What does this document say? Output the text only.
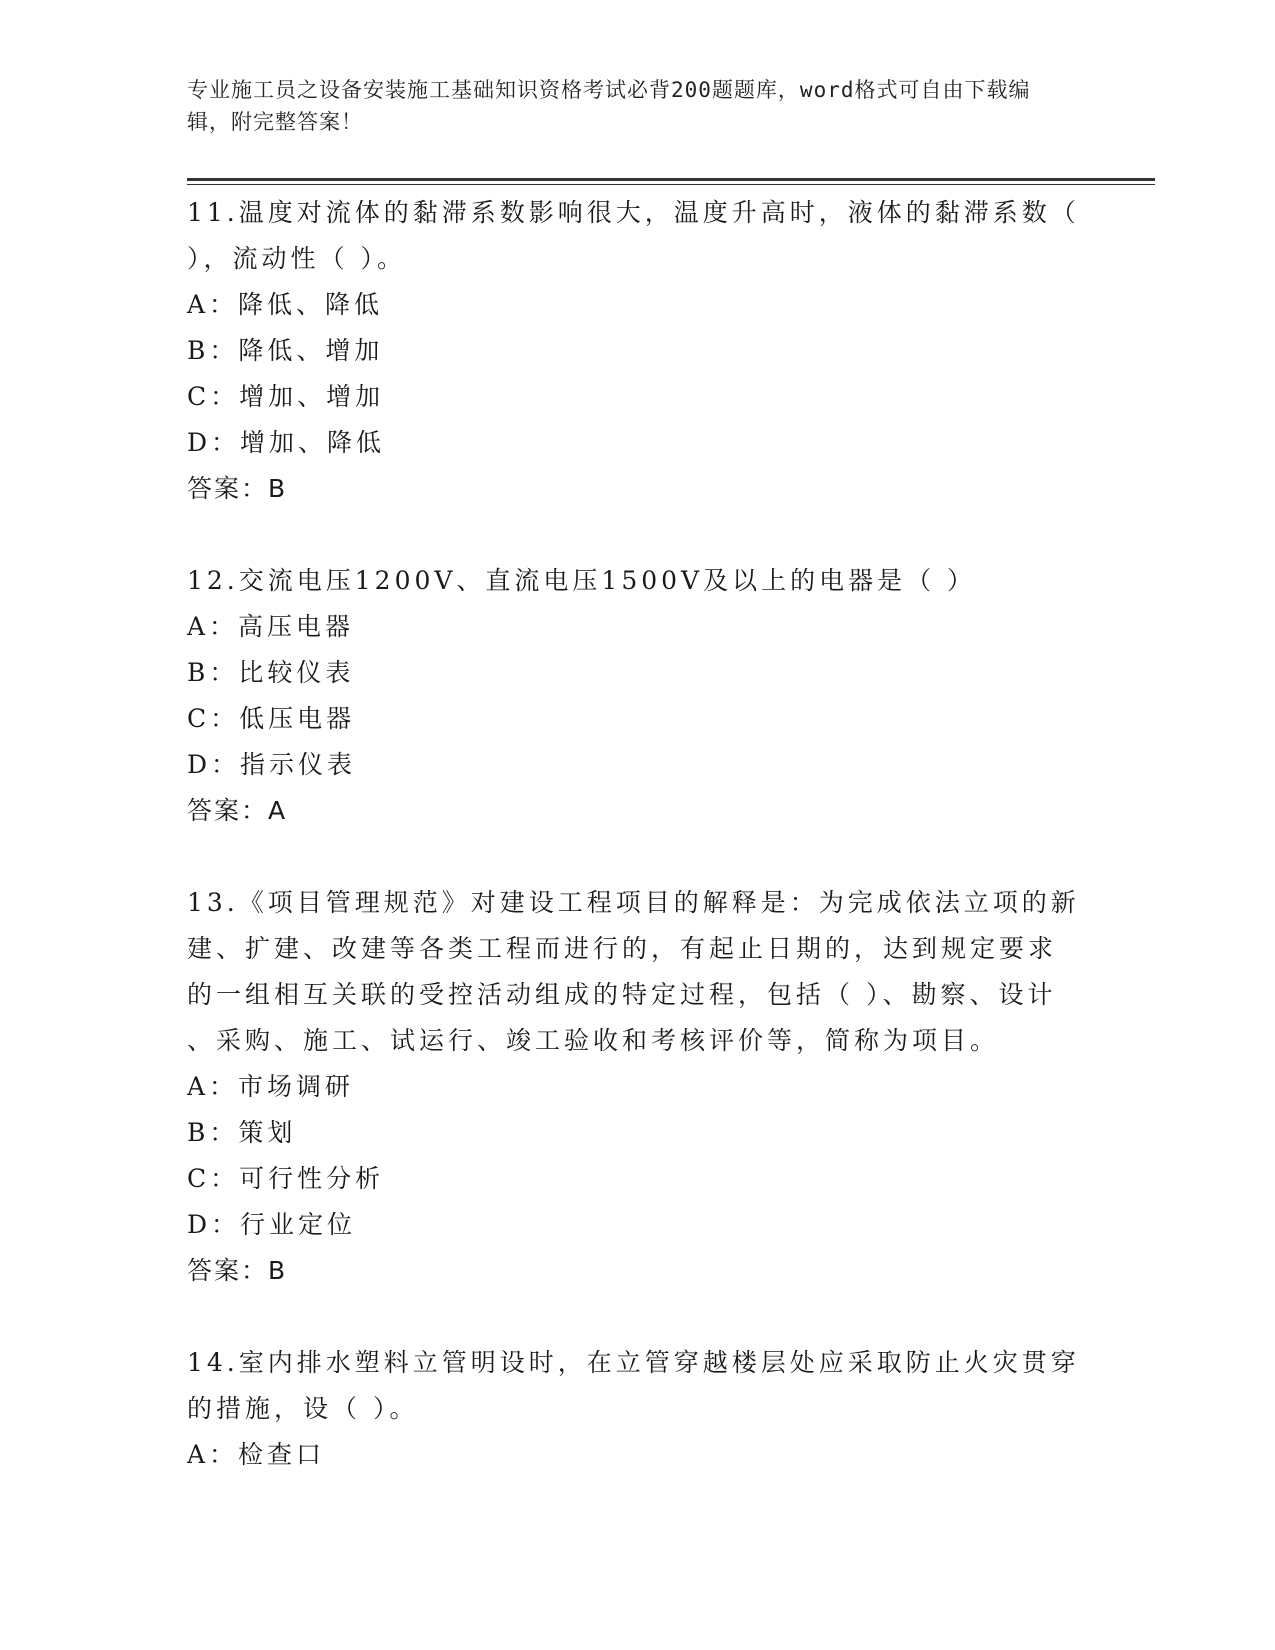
专业施工员之设备安装施工基础知识资格考试必背200题题库，word格式可自由下载编辑，附完整答案！

11.温度对流体的黏滞系数影响很大，温度升高时，液体的黏滞系数（

），流动性（ ）。

A：降低、降低

B：降低、增加

C：增加、增加

D：增加、降低

答案：B

12.交流电压1200V、直流电压1500V及以上的电器是（ ）

A：高压电器

B：比较仪表

C：低压电器

D：指示仪表

答案：A

13.《项目管理规范》对建设工程项目的解释是：为完成依法立项的新

建、扩建、改建等各类工程而进行的，有起止日期的，达到规定要求

的一组相互关联的受控活动组成的特定过程，包括（ ）、勘察、设计

、采购、施工、试运行、竣工验收和考核评价等，简称为项目。

A：市场调研

B：策划

C：可行性分析

D：行业定位

答案：B

14.室内排水塑料立管明设时，在立管穿越楼层处应采取防止火灾贯穿

的措施，设（ ）。

A：检查口
